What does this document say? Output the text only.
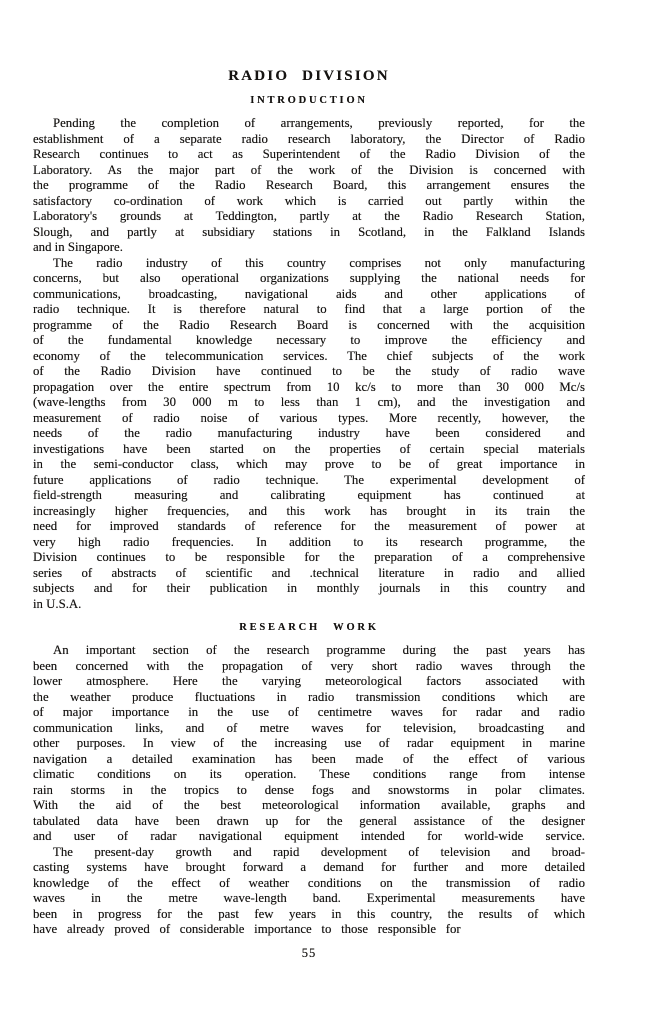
RADIO DIVISION
INTRODUCTION
Pending the completion of arrangements, previously reported, for the
establishment of a separate radio research laboratory, the Director of Radio
Research continues to act as Superintendent of the Radio Division of the
Laboratory. As the major part of the work of the Division is concerned with
the programme of the Radio Research Board, this arrangement ensures the
satisfactory co-ordination of work which is carried out partly within the
Laboratory's grounds at Teddington, partly at the Radio Research Station,
Slough, and partly at subsidiary stations in Scotland, in the Falkland Islands
and in Singapore.
The radio industry of this country comprises not only manufacturing
concerns, but also operational organizations supplying the national needs for
communications, broadcasting, navigational aids and other applications of
radio technique. It is therefore natural to find that a large portion of the
programme of the Radio Research Board is concerned with the acquisition
of the fundamental knowledge necessary to improve the efficiency and
economy of the telecommunication services. The chief subjects of the work
of the Radio Division have continued to be the study of radio wave
propagation over the entire spectrum from 10 kc/s to more than 30 000 Mc/s
(wave-lengths from 30 000 m to less than 1 cm), and the investigation and
measurement of radio noise of various types. More recently, however, the
needs of the radio manufacturing industry have been considered and
investigations have been started on the properties of certain special materials
in the semi-conductor class, which may prove to be of great importance in
future applications of radio technique. The experimental development of
field-strength measuring and calibrating equipment has continued at
increasingly higher frequencies, and this work has brought in its train the
need for improved standards of reference for the measurement of power at
very high radio frequencies. In addition to its research programme, the
Division continues to be responsible for the preparation of a comprehensive
series of abstracts of scientific and .technical literature in radio and allied
subjects and for their publication in monthly journals in this country and
in U.S.A.
RESEARCH WORK
An important section of the research programme during the past years has
been concerned with the propagation of very short radio waves through the
lower atmosphere. Here the varying meteorological factors associated with
the weather produce fluctuations in radio transmission conditions which are
of major importance in the use of centimetre waves for radar and radio
communication links, and of metre waves for television, broadcasting and
other purposes. In view of the increasing use of radar equipment in marine
navigation a detailed examination has been made of the effect of various
climatic conditions on its operation. These conditions range from intense
rain storms in the tropics to dense fogs and snowstorms in polar climates.
With the aid of the best meteorological information available, graphs and
tabulated data have been drawn up for the general assistance of the designer
and user of radar navigational equipment intended for world-wide service.
The present-day growth and rapid development of television and broad-
casting systems have brought forward a demand for further and more detailed
knowledge of the effect of weather conditions on the transmission of radio
waves in the metre wave-length band. Experimental measurements have
been in progress for the past few years in this country, the results of which
have already proved of considerable importance to those responsible for
55
